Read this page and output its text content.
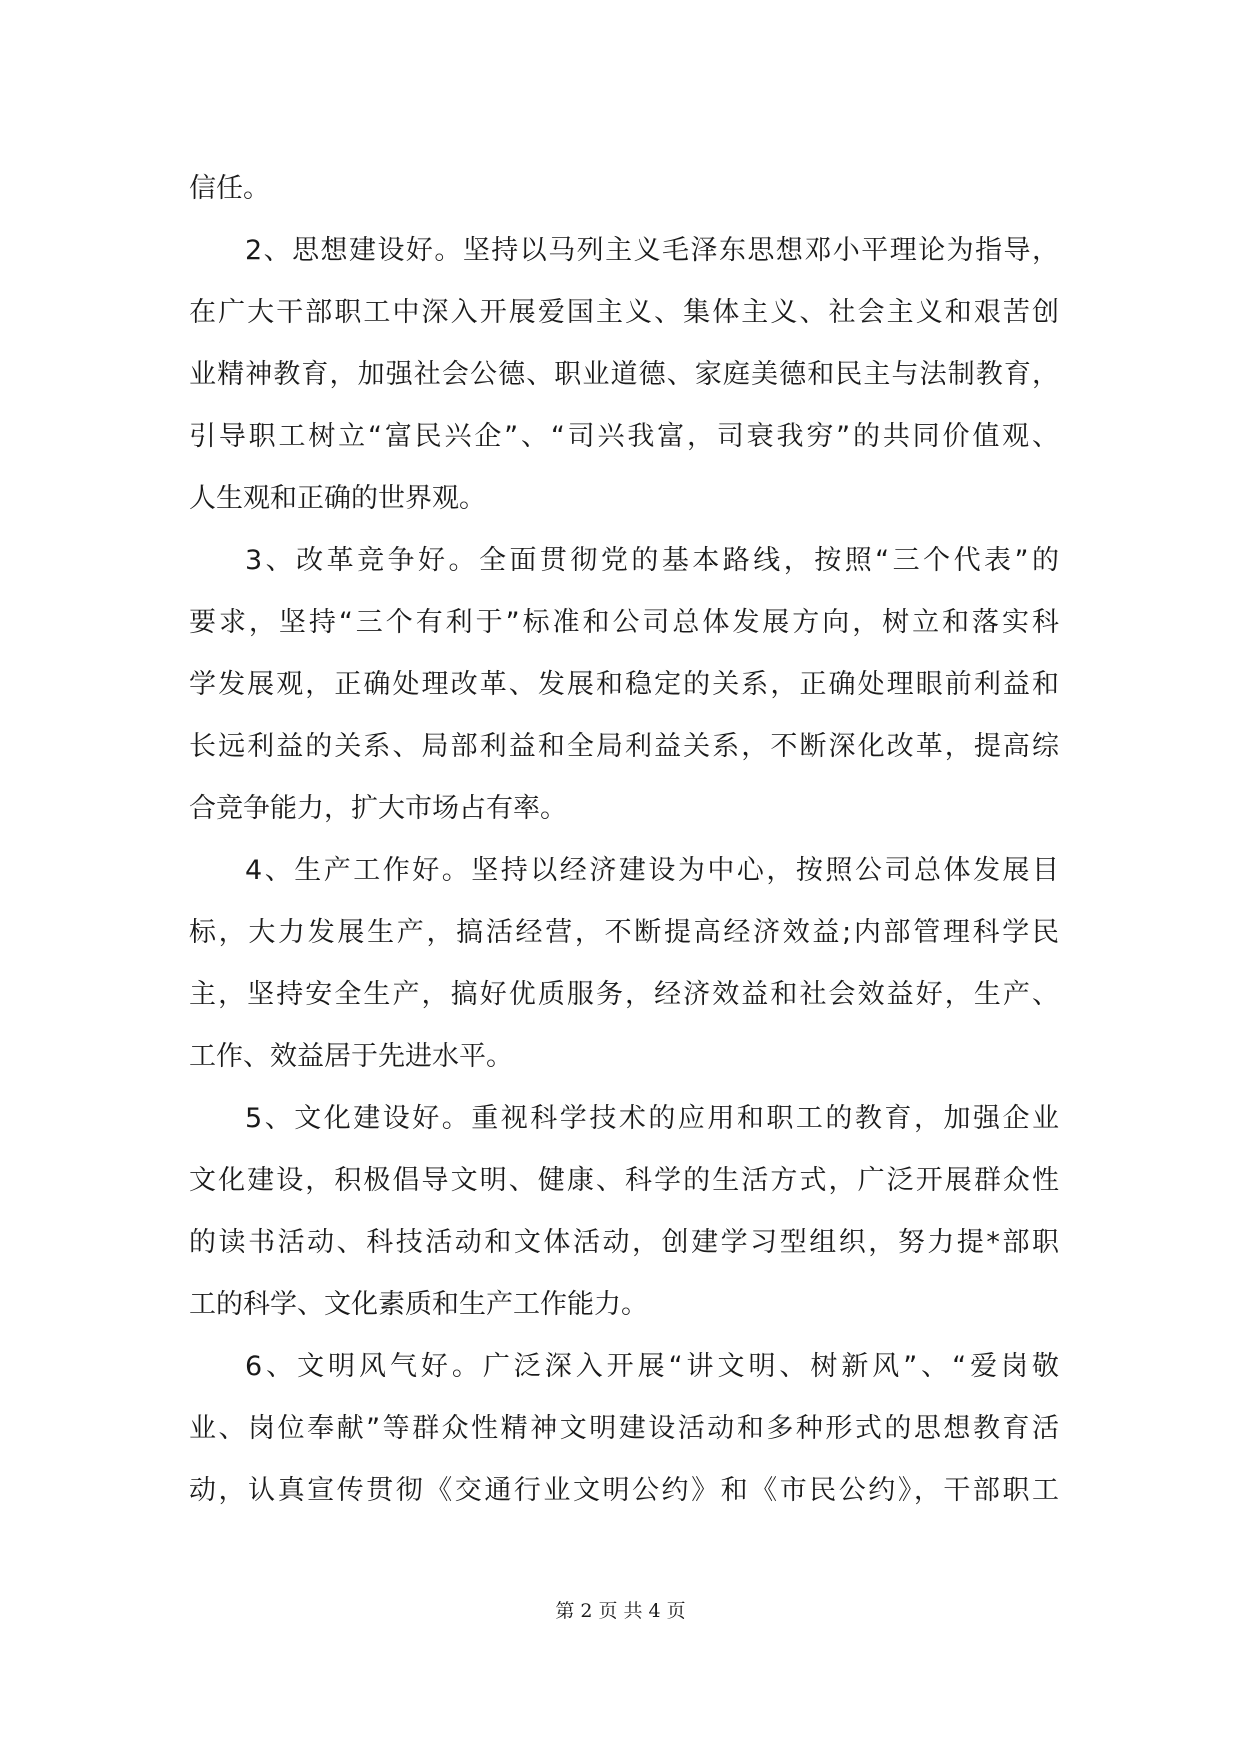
信任。
2、思想建设好。坚持以马列主义毛泽东思想邓小平理论为指导，
在广大干部职工中深入开展爱国主义、集体主义、社会主义和艰苦创
业精神教育，加强社会公德、职业道德、家庭美德和民主与法制教育，
引导职工树立“富民兴企”、“司兴我富，司衰我穷”的共同价值观、
人生观和正确的世界观。
3、改革竞争好。全面贯彻党的基本路线，按照“三个代表”的
要求，坚持“三个有利于”标准和公司总体发展方向，树立和落实科
学发展观，正确处理改革、发展和稳定的关系，正确处理眼前利益和
长远利益的关系、局部利益和全局利益关系，不断深化改革，提高综
合竞争能力，扩大市场占有率。
4、生产工作好。坚持以经济建设为中心，按照公司总体发展目
标，大力发展生产，搞活经营，不断提高经济效益;内部管理科学民
主，坚持安全生产，搞好优质服务，经济效益和社会效益好，生产、
工作、效益居于先进水平。
5、文化建设好。重视科学技术的应用和职工的教育，加强企业
文化建设，积极倡导文明、健康、科学的生活方式，广泛开展群众性
的读书活动、科技活动和文体活动，创建学习型组织，努力提*部职
工的科学、文化素质和生产工作能力。
6、文明风气好。广泛深入开展“讲文明、树新风”、“爱岗敬
业、岗位奉献”等群众性精神文明建设活动和多种形式的思想教育活
动，认真宣传贯彻《交通行业文明公约》和《市民公约》，干部职工
第 2 页 共 4 页
